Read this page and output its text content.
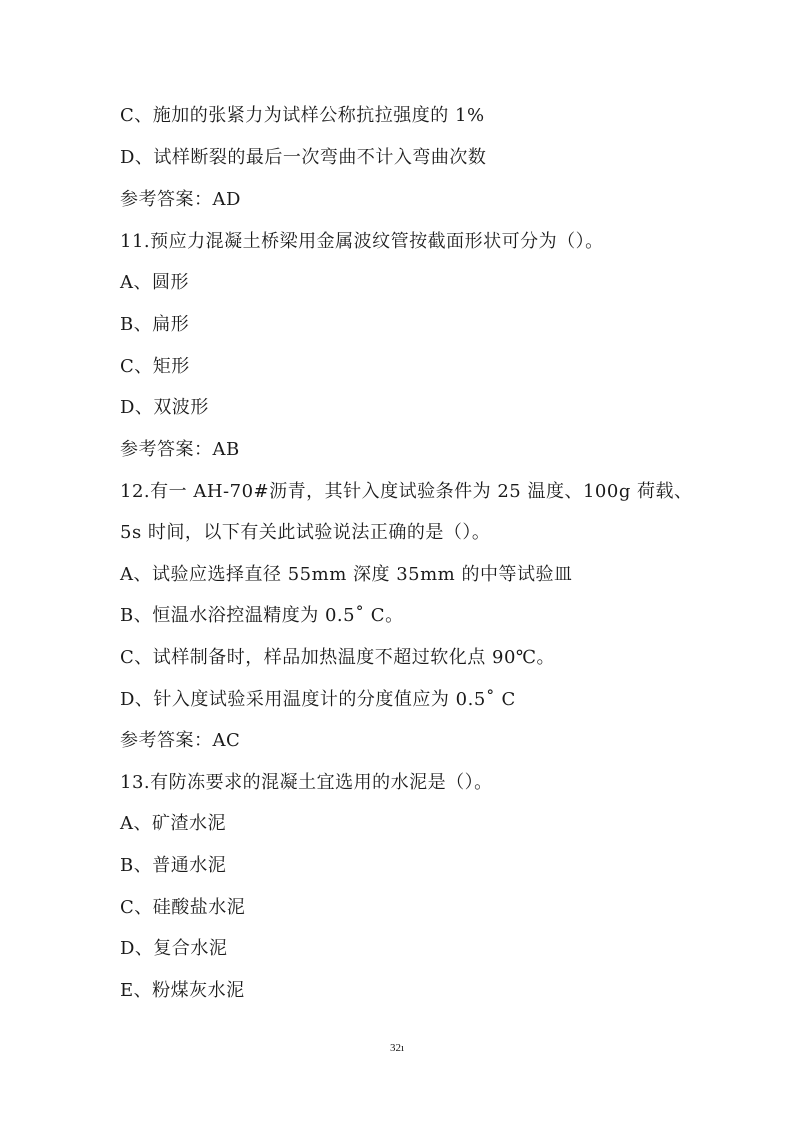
C、施加的张紧力为试样公称抗拉强度的 1%
D、试样断裂的最后一次弯曲不计入弯曲次数
参考答案：AD
11.预应力混凝土桥梁用金属波纹管按截面形状可分为（）。
A、圆形
B、扁形
C、矩形
D、双波形
参考答案：AB
12.有一 AH-70#沥青，其针入度试验条件为 25 温度、100g 荷载、
5s 时间，以下有关此试验说法正确的是（）。
A、试验应选择直径 55mm 深度 35mm 的中等试验皿
B、恒温水浴控温精度为 0.5˚ C。
C、试样制备时，样品加热温度不超过软化点 90℃。
D、针入度试验采用温度计的分度值应为 0.5˚ C
参考答案：AC
13.有防冻要求的混凝土宜选用的水泥是（）。
A、矿渣水泥
B、普通水泥
C、硅酸盐水泥
D、复合水泥
E、粉煤灰水泥
32ı
